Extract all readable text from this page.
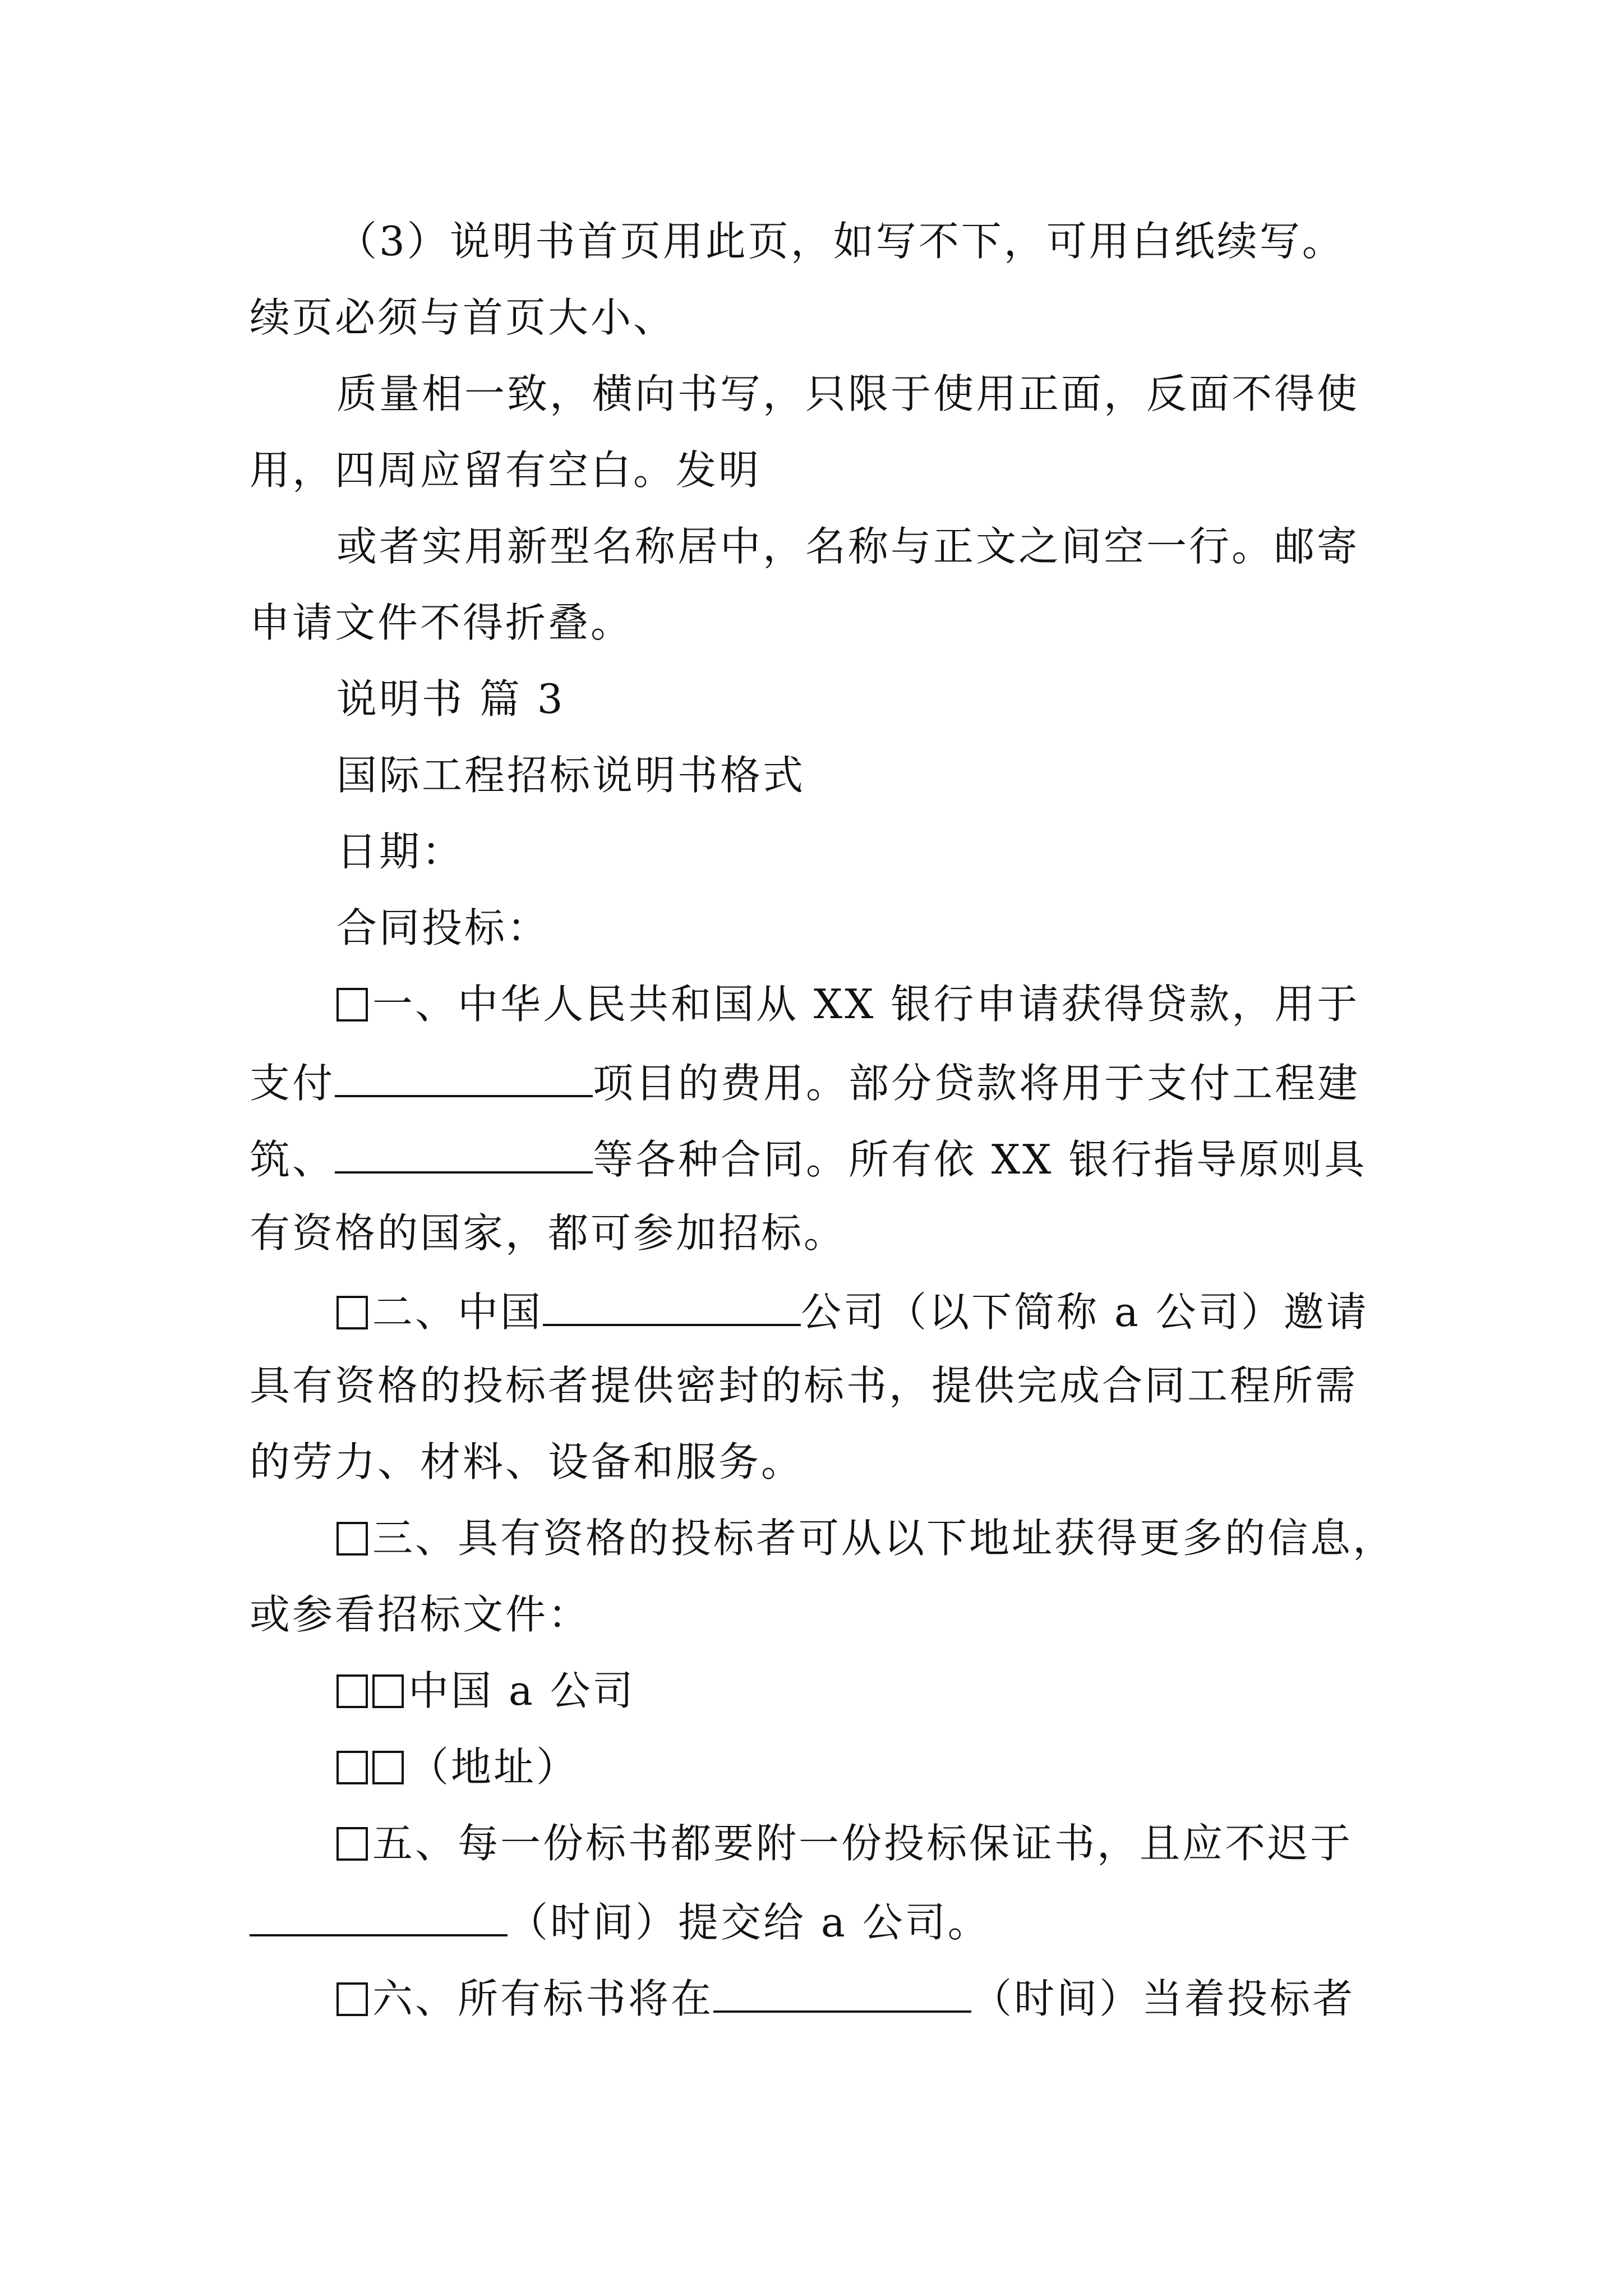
（3）说明书首页用此页，如写不下，可用白纸续写。
续页必须与首页大小、
质量相一致，横向书写，只限于使用正面，反面不得使
用，四周应留有空白。发明
或者实用新型名称居中，名称与正文之间空一行。邮寄
申请文件不得折叠。
说明书 篇 3
国际工程招标说明书格式
日期：
合同投标：
一、中华人民共和国从 XX 银行申请获得贷款，用于
支付	项目的费用。部分贷款将用于支付工程建
筑、	等各种合同。所有依 XX 银行指导原则具
有资格的国家，都可参加招标。
二、中国	公司（以下简称 a 公司）邀请
具有资格的投标者提供密封的标书，提供完成合同工程所需
的劳力、材料、设备和服务。
三、具有资格的投标者可从以下地址获得更多的信息，
或参看招标文件：
中国 a 公司
（地址）
五、每一份标书都要附一份投标保证书，且应不迟于
（时间）提交给 a 公司。
六、所有标书将在	（时间）当着投标者
